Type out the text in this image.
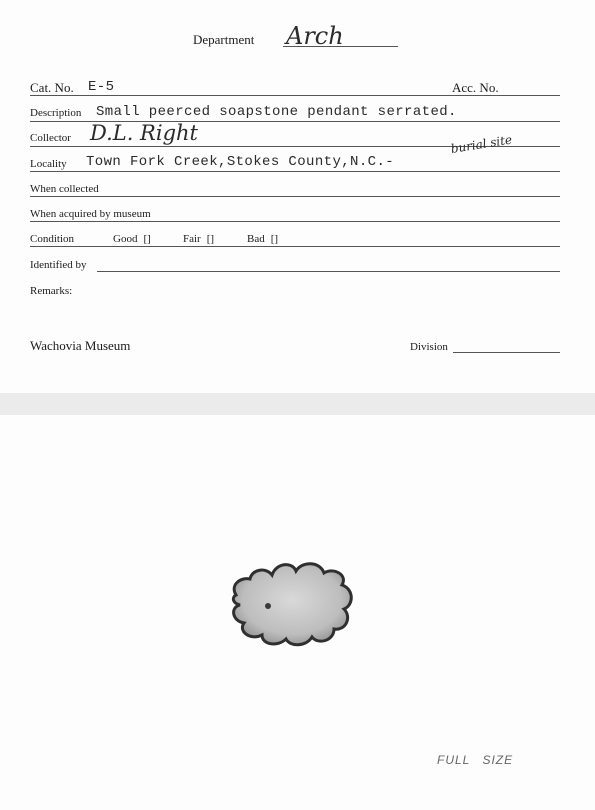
Department Arch
Cat. No. E-5	Acc. No.
Description Small peerced soapstone pendant serrated.
Collector D.L. Right
Locality Town Fork Creek,Stokes County,N.C.-
burial site
When collected
When acquired by museum
Condition	Good []	Fair []	Bad []
Identified by
Remarks:
Wachovia Museum	Division
FULL SIZE
